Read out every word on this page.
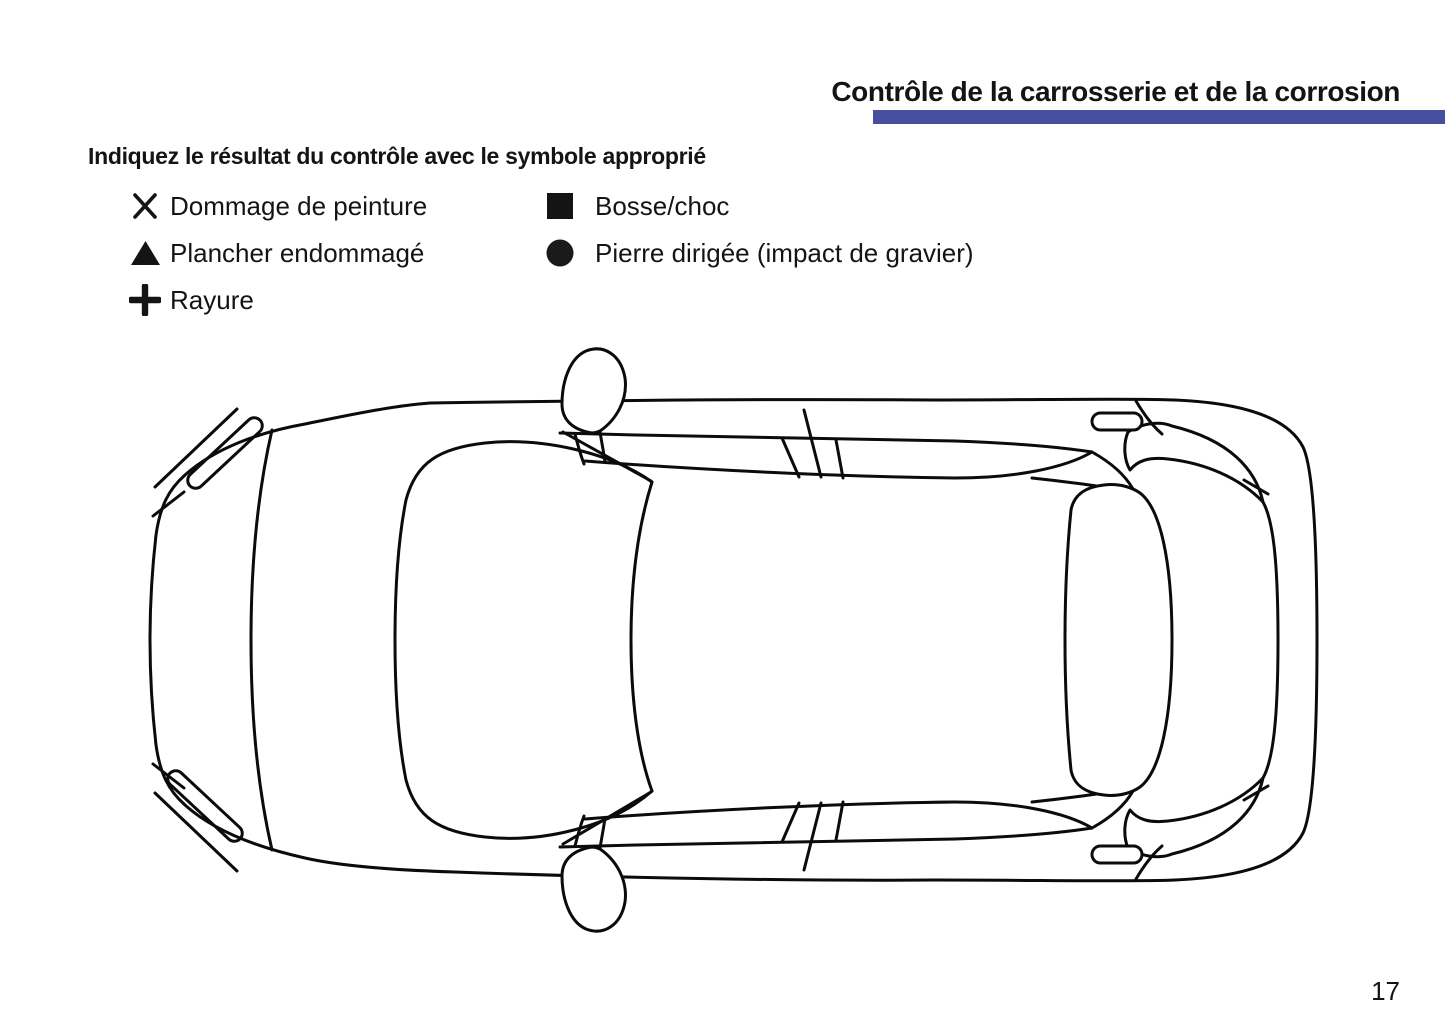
Contrôle de la carrosserie et de la corrosion
Indiquez le résultat du contrôle avec le symbole approprié
Dommage de peinture
Plancher endommagé
Rayure
Bosse/choc
Pierre dirigée (impact de gravier)
17
